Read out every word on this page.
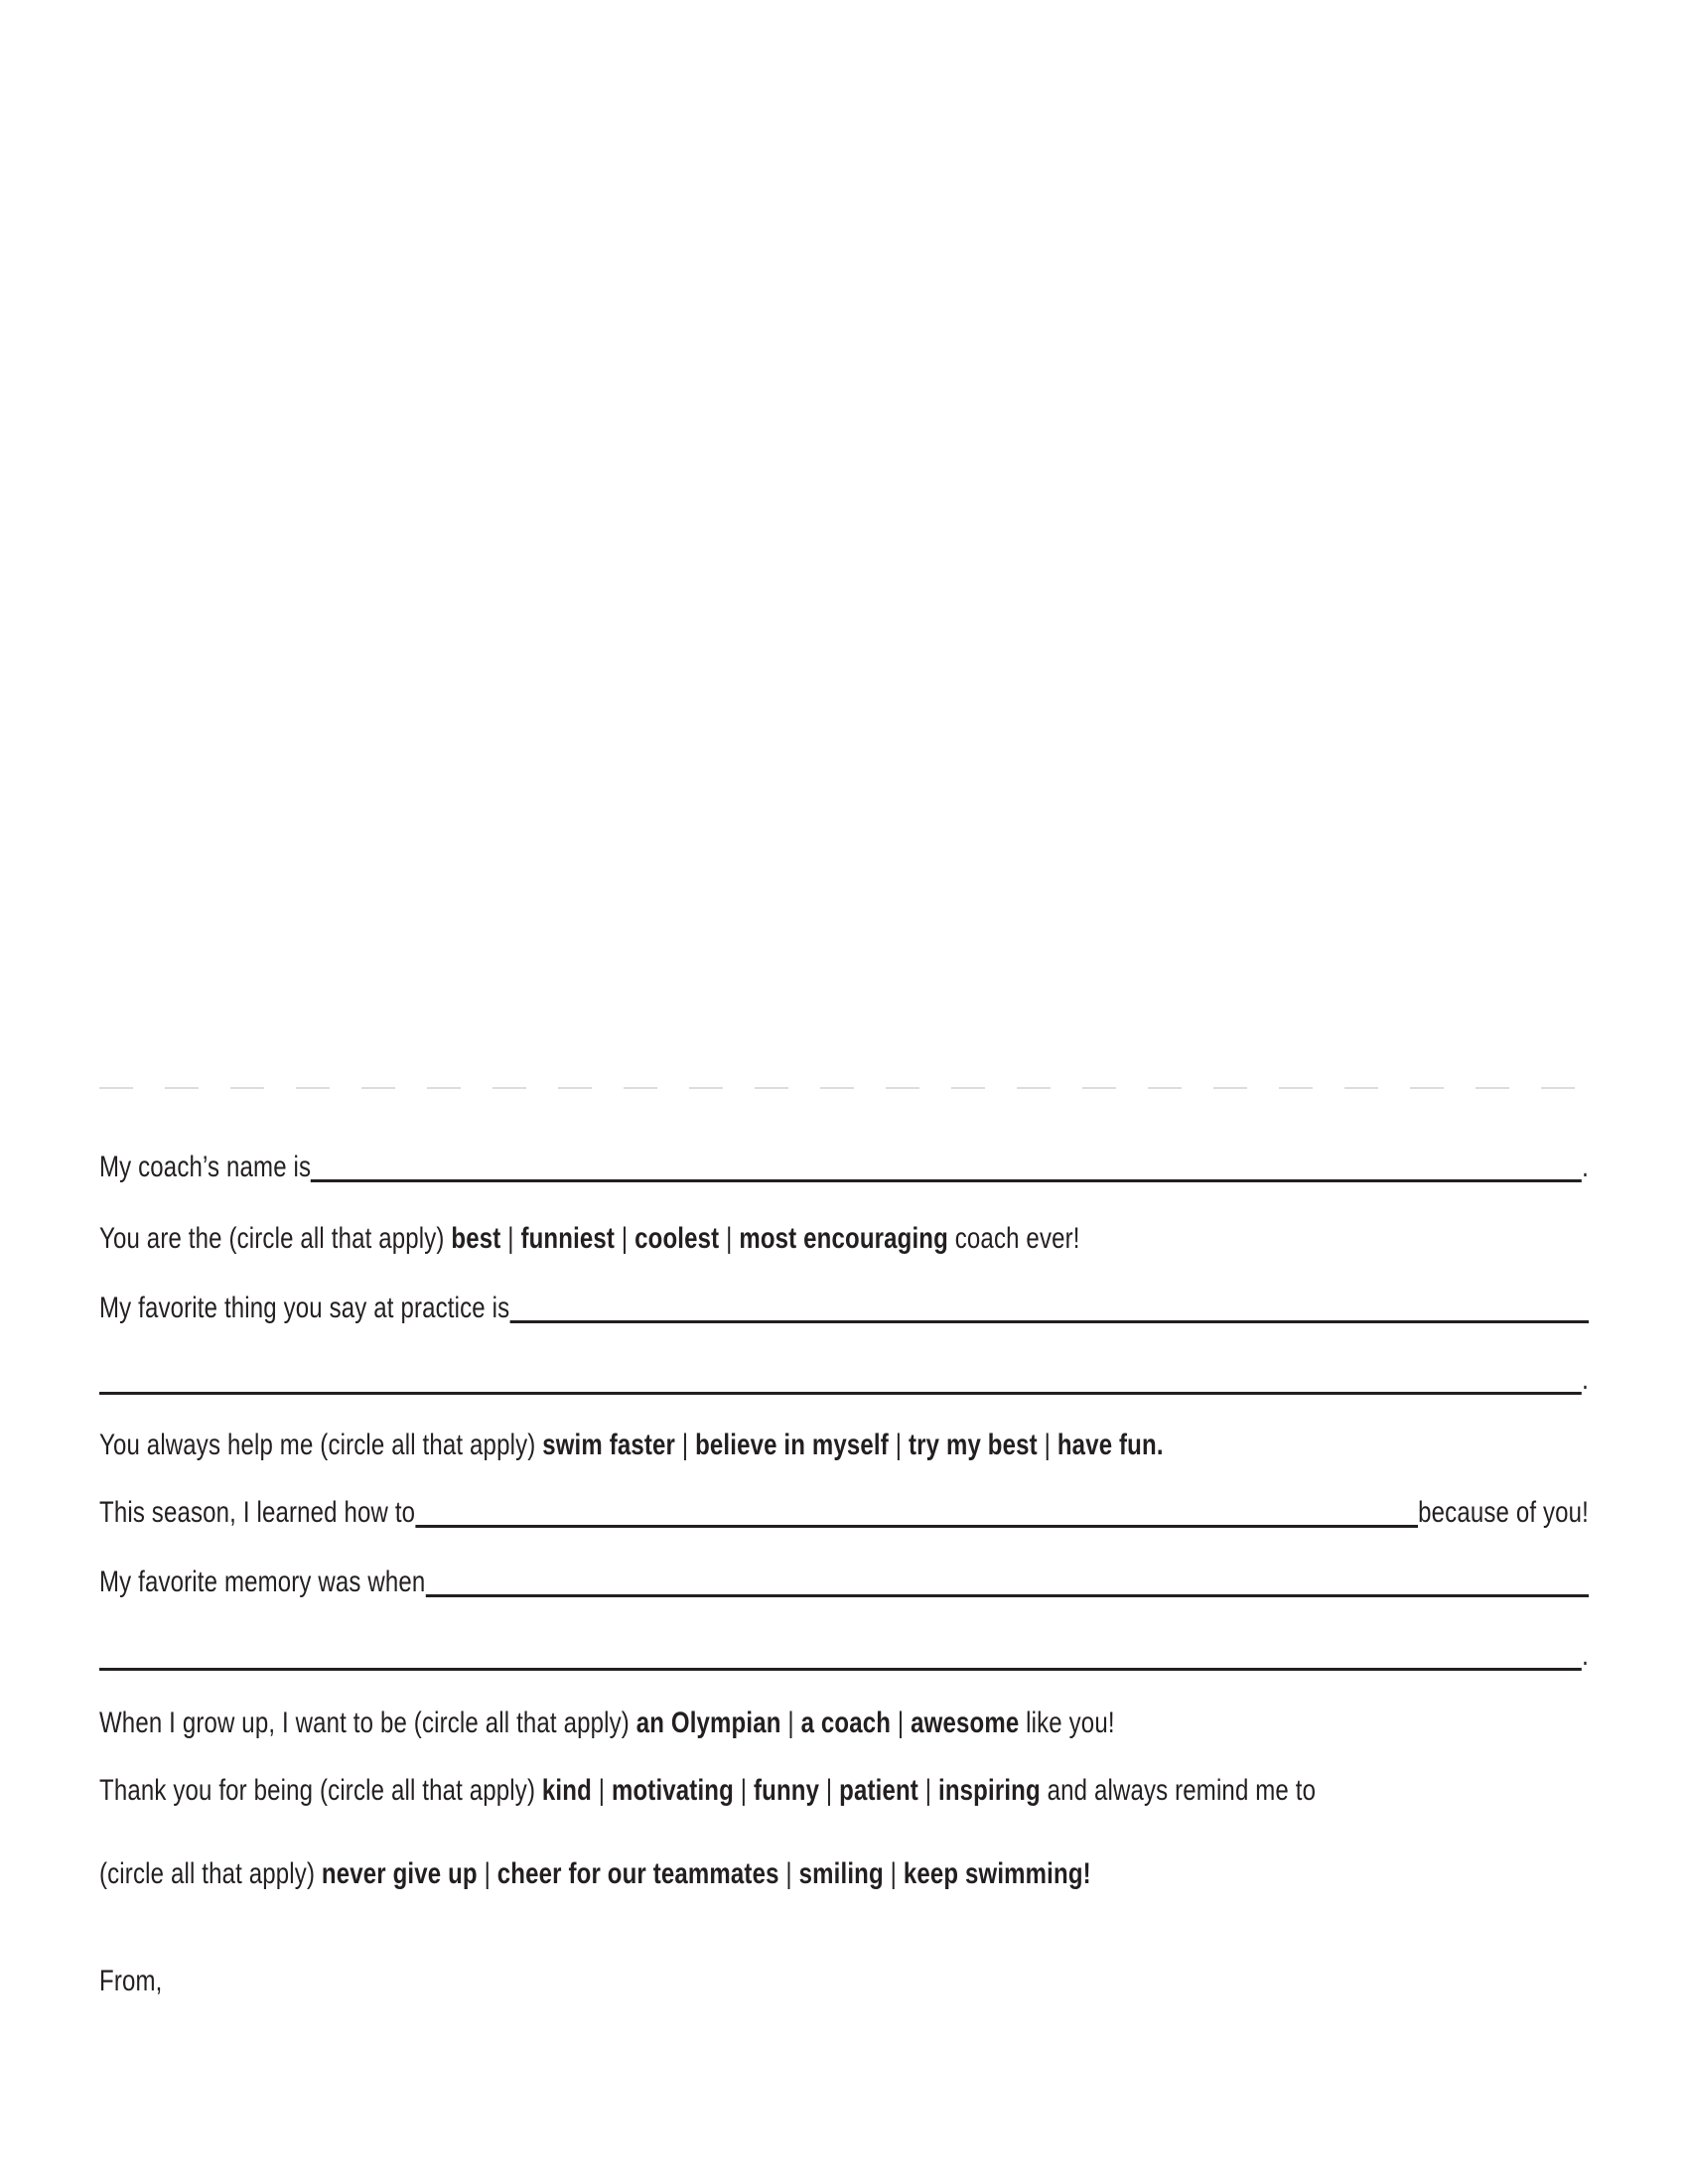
My coach’s name is	.
You are the (circle all that apply) best | funniest | coolest | most encouraging coach ever!
My favorite thing you say at practice is
.
You always help me (circle all that apply) swim faster | believe in myself | try my best | have fun.
This season, I learned how to	because of you!
My favorite memory was when
.
When I grow up, I want to be (circle all that apply) an Olympian | a coach | awesome like you!
Thank you for being (circle all that apply) kind | motivating | funny | patient | inspiring and always remind me to
(circle all that apply) never give up | cheer for our teammates | smiling | keep swimming!
From,
